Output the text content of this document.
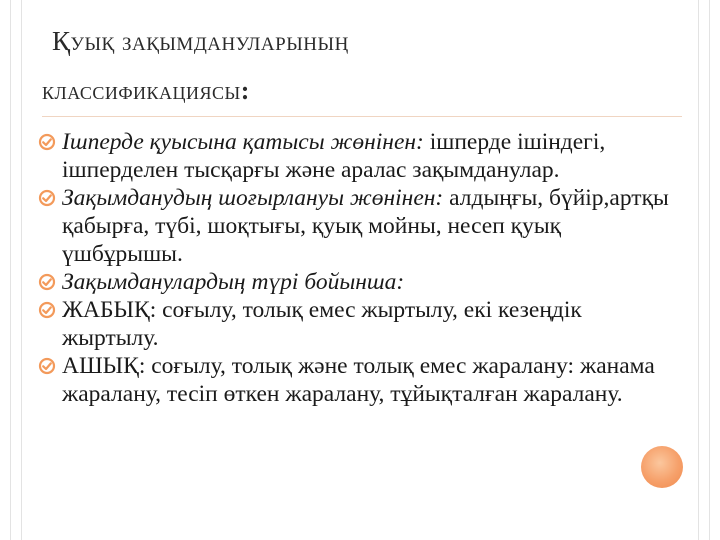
Қуық зақымдануларының
классификациясы:
Ішперде қуысына қатысы жөнінен: ішперде ішіндегі, ішперделен тысқарғы және аралас зақымданулар.
Зақымданудың шоғырлануы жөнінен: алдыңғы, бүйір,артқы қабырға, түбі, шоқтығы, қуық мойны, несеп қуық үшбұрышы.
Зақымданулардың түрі бойынша:
ЖАБЫҚ: соғылу, толық емес жыртылу, екі кезеңдік жыртылу.
АШЫҚ: соғылу, толық және толық емес жаралану: жанама жаралану, тесіп өткен жаралану, тұйықталған жаралану.
